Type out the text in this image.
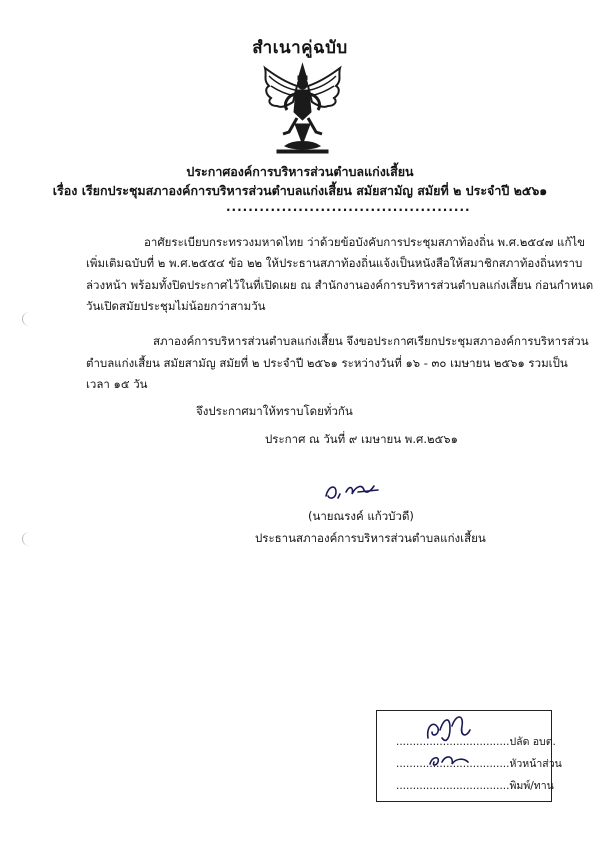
สำเนาคู่ฉบับ
ประกาศองค์การบริหารส่วนตำบลแก่งเสี้ยน
เรื่อง เรียกประชุมสภาองค์การบริหารส่วนตำบลแก่งเสี้ยน สมัยสามัญ สมัยที่ ๒ ประจำปี ๒๕๖๑
............................................
อาศัยระเบียบกระทรวงมหาดไทย ว่าด้วยข้อบังคับการประชุมสภาท้องถิ่น พ.ศ.๒๕๔๗ แก้ไข
เพิ่มเติมฉบับที่ ๒ พ.ศ.๒๕๕๔ ข้อ ๒๒ ให้ประธานสภาท้องถิ่นแจ้งเป็นหนังสือให้สมาชิกสภาท้องถิ่นทราบ
ล่วงหน้า พร้อมทั้งปิดประกาศไว้ในที่เปิดเผย ณ สำนักงานองค์การบริหารส่วนตำบลแก่งเสี้ยน ก่อนกำหนด
วันเปิดสมัยประชุมไม่น้อยกว่าสามวัน
สภาองค์การบริหารส่วนตำบลแก่งเสี้ยน จึงขอประกาศเรียกประชุมสภาองค์การบริหารส่วน
ตำบลแก่งเสี้ยน สมัยสามัญ สมัยที่ ๒ ประจำปี ๒๕๖๑ ระหว่างวันที่ ๑๖ - ๓๐ เมษายน ๒๕๖๑ รวมเป็น
เวลา ๑๕ วัน
จึงประกาศมาให้ทราบโดยทั่วกัน
ประกาศ ณ วันที่ ๙ เมษายน พ.ศ.๒๕๖๑
(นายณรงค์ แก้วบัวดี)
ประธานสภาองค์การบริหารส่วนตำบลแก่งเสี้ยน
..................................ปลัด อบต.
..................................หัวหน้าส่วน
..................................พิมพ์/ทาน
